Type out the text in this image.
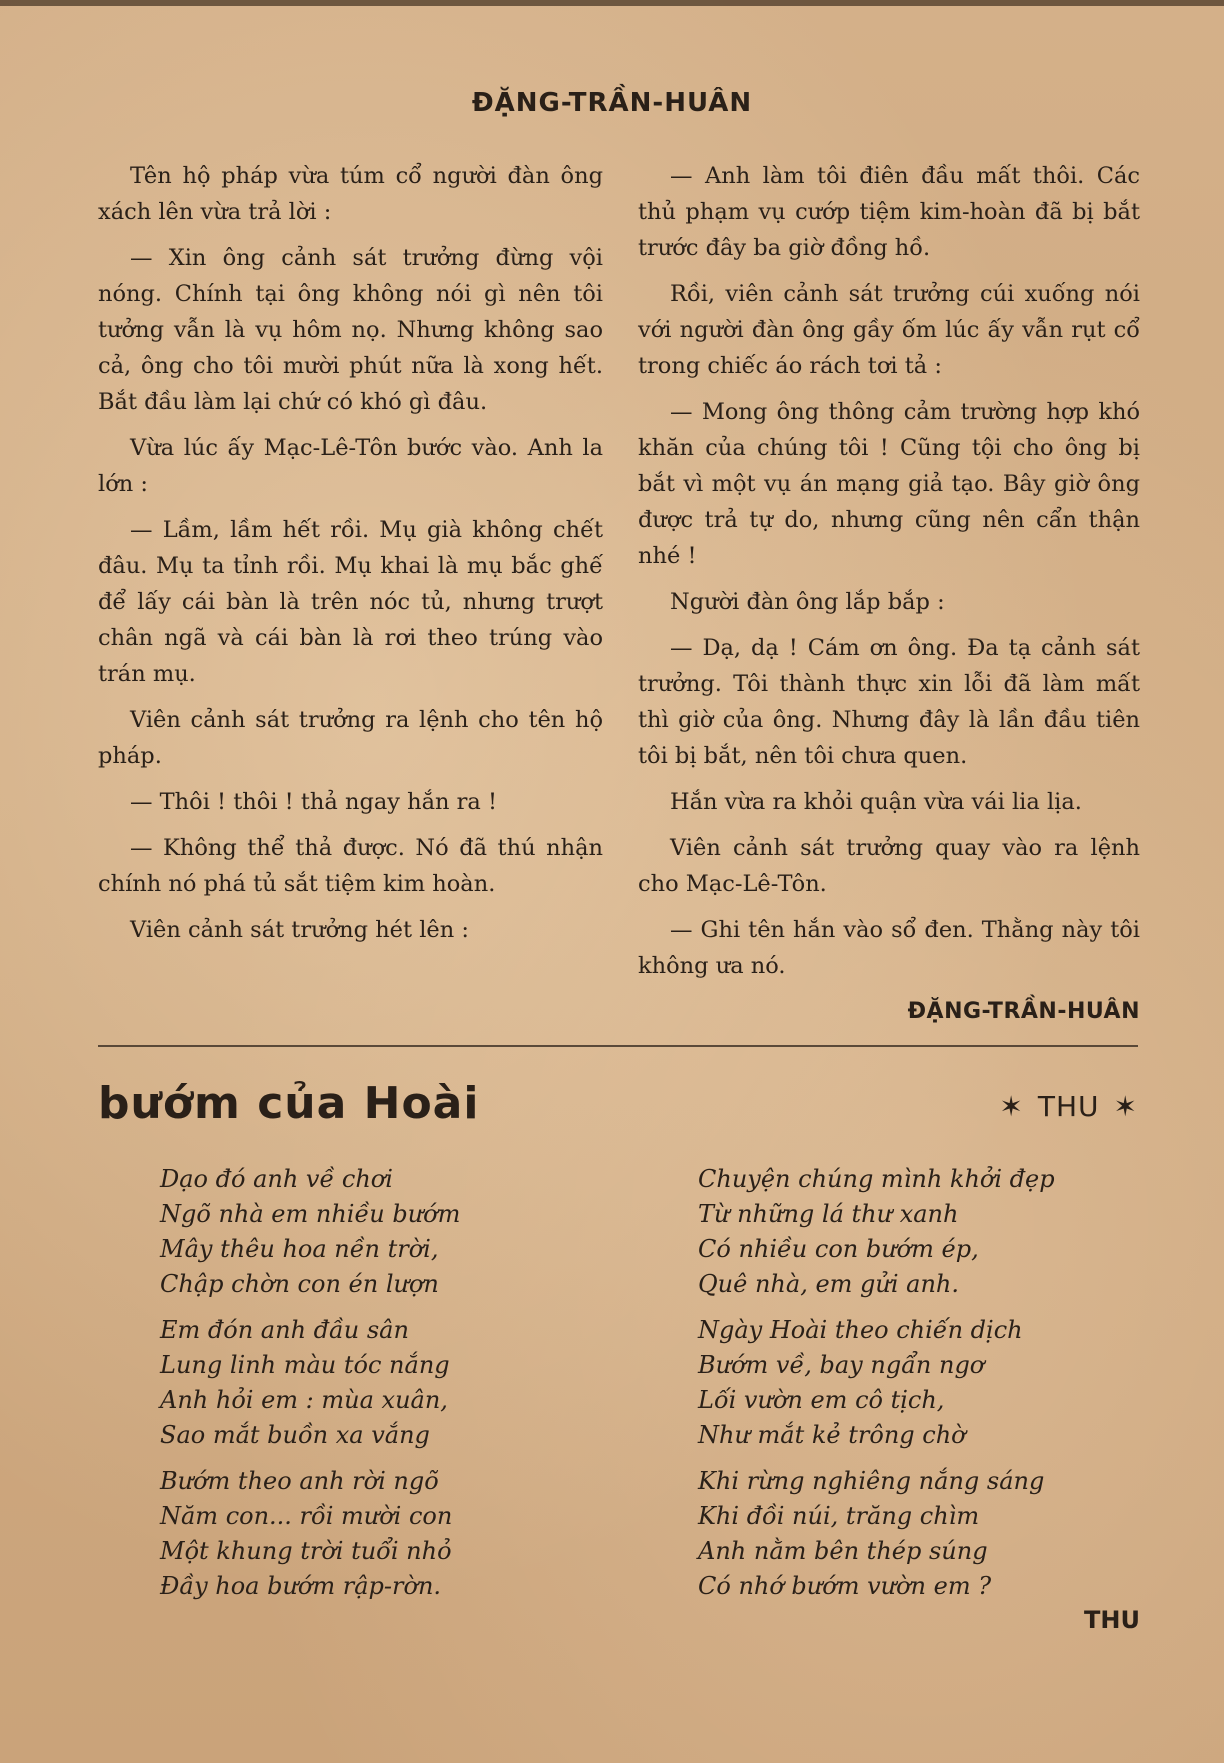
ĐẶNG-TRẦN-HUÂN

Tên hộ pháp vừa túm cổ người đàn ông xách lên vừa trả lời :

— Xin ông cảnh sát trưởng đừng vội nóng. Chính tại ông không nói gì nên tôi tưởng vẫn là vụ hôm nọ. Nhưng không sao cả, ông cho tôi mười phút nữa là xong hết. Bắt đầu làm lại chứ có khó gì đâu.

Vừa lúc ấy Mạc-Lê-Tôn bước vào. Anh la lớn :

— Lầm, lầm hết rồi. Mụ già không chết đâu. Mụ ta tỉnh rồi. Mụ khai là mụ bắc ghế để lấy cái bàn là trên nóc tủ, nhưng trượt chân ngã và cái bàn là rơi theo trúng vào trán mụ.

Viên cảnh sát trưởng ra lệnh cho tên hộ pháp.

— Thôi ! thôi ! thả ngay hắn ra !

— Không thể thả được. Nó đã thú nhận chính nó phá tủ sắt tiệm kim hoàn.

Viên cảnh sát trưởng hét lên :

— Anh làm tôi điên đầu mất thôi. Các thủ phạm vụ cướp tiệm kim-hoàn đã bị bắt trước đây ba giờ đồng hồ.

Rồi, viên cảnh sát trưởng cúi xuống nói với người đàn ông gầy ốm lúc ấy vẫn rụt cổ trong chiếc áo rách tơi tả :

— Mong ông thông cảm trường hợp khó khăn của chúng tôi ! Cũng tội cho ông bị bắt vì một vụ án mạng giả tạo. Bây giờ ông được trả tự do, nhưng cũng nên cẩn thận nhé !

Người đàn ông lắp bắp :

— Dạ, dạ ! Cám ơn ông. Đa tạ cảnh sát trưởng. Tôi thành thực xin lỗi đã làm mất thì giờ của ông. Nhưng đây là lần đầu tiên tôi bị bắt, nên tôi chưa quen.

Hắn vừa ra khỏi quận vừa vái lia lịa.

Viên cảnh sát trưởng quay vào ra lệnh cho Mạc-Lê-Tôn.

— Ghi tên hắn vào sổ đen. Thằng này tôi không ưa nó.

ĐẶNG-TRẦN-HUÂN
bướm của Hoài	✶ THU ✶
Dạo đó anh về chơi
Ngõ nhà em nhiều bướm
Mây thêu hoa nền trời,
Chập chờn con én lượn
Em đón anh đầu sân
Lung linh màu tóc nắng
Anh hỏi em : mùa xuân,
Sao mắt buồn xa vắng
Bướm theo anh rời ngõ
Năm con... rồi mười con
Một khung trời tuổi nhỏ
Đầy hoa bướm rập-rờn.
Chuyện chúng mình khởi đẹp
Từ những lá thư xanh
Có nhiều con bướm ép,
Quê nhà, em gửi anh.
Ngày Hoài theo chiến dịch
Bướm về, bay ngẩn ngơ
Lối vườn em cô tịch,
Như mắt kẻ trông chờ
Khi rừng nghiêng nắng sáng
Khi đồi núi, trăng chìm
Anh nằm bên thép súng
Có nhớ bướm vườn em ?
THU
